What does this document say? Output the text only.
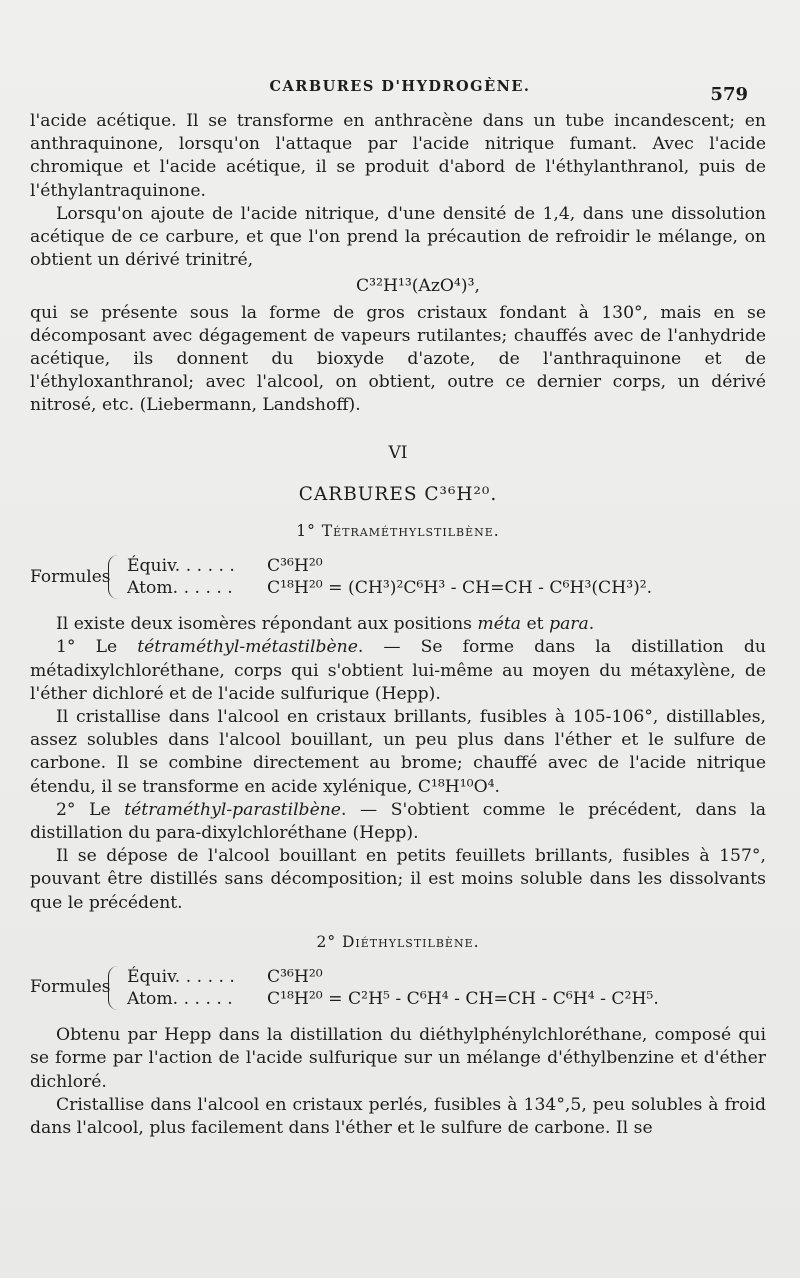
CARBURES D'HYDROGÈNE.	579

l'acide acétique. Il se transforme en anthracène dans un tube incandescent; en anthraquinone, lorsqu'on l'attaque par l'acide nitrique fumant. Avec l'acide chromique et l'acide acétique, il se produit d'abord de l'éthylanthranol, puis de l'éthylantraquinone.

Lorsqu'on ajoute de l'acide nitrique, d'une densité de 1,4, dans une dissolution acétique de ce carbure, et que l'on prend la précaution de refroidir le mélange, on obtient un dérivé trinitré,

C³²H¹³(AzO⁴)³,

qui se présente sous la forme de gros cristaux fondant à 130°, mais en se décomposant avec dégagement de vapeurs rutilantes; chauffés avec de l'anhydride acétique, ils donnent du bioxyde d'azote, de l'anthraquinone et de l'éthyloxanthranol; avec l'alcool, on obtient, outre ce dernier corps, un dérivé nitrosé, etc. (Liebermann, Landshoff).

VI
CARBURES C³⁶H²⁰.
1° Tétraméthylstilbène.
Formules
Équiv. . . . . .	C³⁶H²⁰
Atom. . . . . .	C¹⁸H²⁰ = (CH³)²C⁶H³ - CH=CH - C⁶H³(CH³)².

Il existe deux isomères répondant aux positions méta et para.

1° Le tétraméthyl-métastilbène. — Se forme dans la distillation du métadixylchloréthane, corps qui s'obtient lui-même au moyen du métaxylène, de l'éther dichloré et de l'acide sulfurique (Hepp).

Il cristallise dans l'alcool en cristaux brillants, fusibles à 105-106°, distillables, assez solubles dans l'alcool bouillant, un peu plus dans l'éther et le sulfure de carbone. Il se combine directement au brome; chauffé avec de l'acide nitrique étendu, il se transforme en acide xylénique, C¹⁸H¹⁰O⁴.

2° Le tétraméthyl-parastilbène. — S'obtient comme le précédent, dans la distillation du para-dixylchloréthane (Hepp).

Il se dépose de l'alcool bouillant en petits feuillets brillants, fusibles à 157°, pouvant être distillés sans décomposition; il est moins soluble dans les dissolvants que le précédent.

2° Diéthylstilbène.
Formules
Équiv. . . . . .	C³⁶H²⁰
Atom. . . . . .	C¹⁸H²⁰ = C²H⁵ - C⁶H⁴ - CH=CH - C⁶H⁴ - C²H⁵.

Obtenu par Hepp dans la distillation du diéthylphénylchloréthane, composé qui se forme par l'action de l'acide sulfurique sur un mélange d'éthylbenzine et d'éther dichloré.

Cristallise dans l'alcool en cristaux perlés, fusibles à 134°,5, peu solubles à froid dans l'alcool, plus facilement dans l'éther et le sulfure de carbone. Il se
